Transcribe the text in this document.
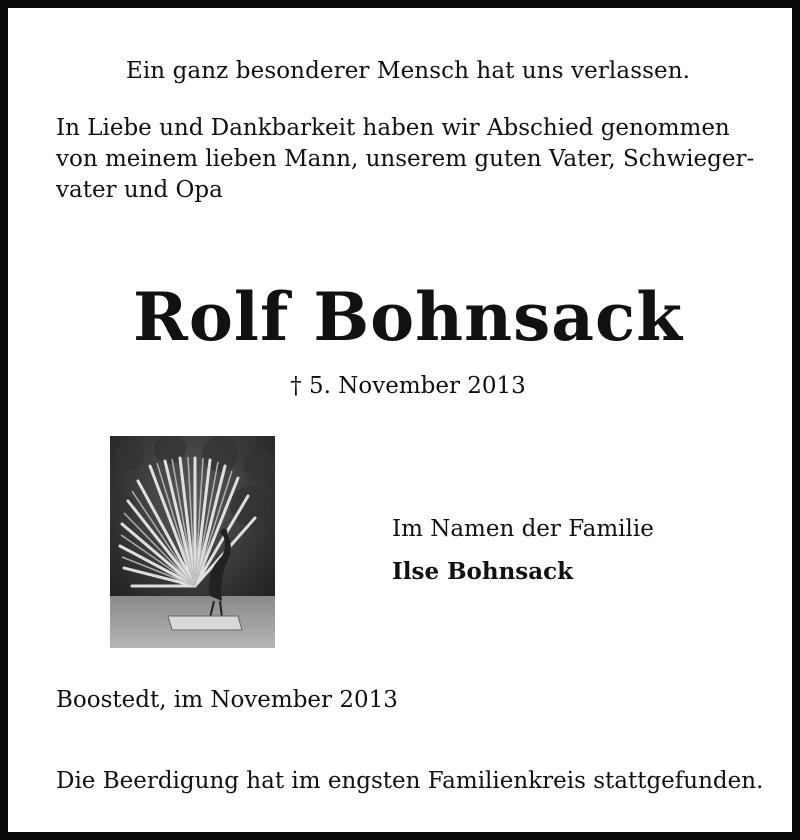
Ein ganz besonderer Mensch hat uns verlassen.
In Liebe und Dankbarkeit haben wir Abschied genommen
von meinem lieben Mann, unserem guten Vater, Schwieger-
vater und Opa
Rolf Bohnsack
† 5. November 2013
Im Namen der Familie
Ilse Bohnsack
Boostedt, im November 2013
Die Beerdigung hat im engsten Familienkreis stattgefunden.
